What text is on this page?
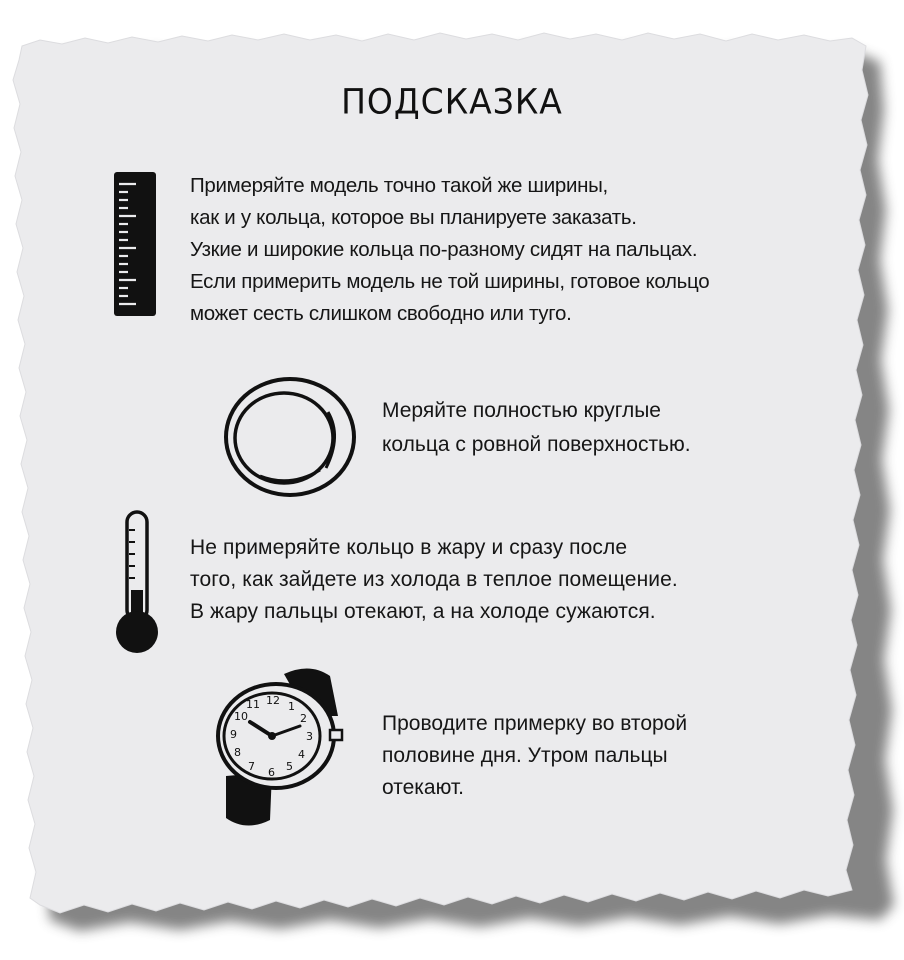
ПОДСКАЗКА
Примеряйте модель точно такой же ширины,
как и у кольца, которое вы планируете заказать.
Узкие и широкие кольца по-разному сидят на пальцах.
Если примерить модель не той ширины, готовое кольцо
может сесть слишком свободно или туго.
Меряйте полностью круглые
кольца с ровной поверхностью.
Не примеряйте кольцо в жару и сразу после
того, как зайдете из холода в теплое помещение.
В жару пальцы отекают, а на холоде сужаются.
12 1
2
3
4
5
6
7
8
9
10
11
Проводите примерку во второй
половине дня. Утром пальцы
отекают.
